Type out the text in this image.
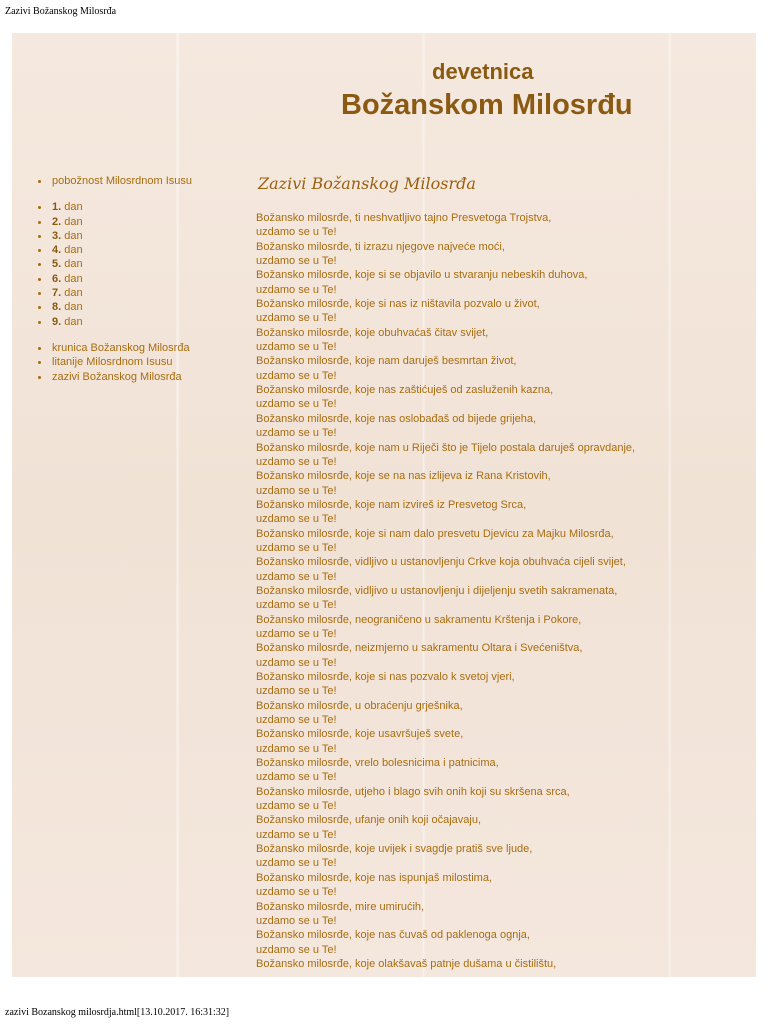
Zazivi Božanskog Milosrđa
devetnica
Božanskom Milosrđu
pobožnost Milosrdnom Isusu
1. dan
2. dan
3. dan
4. dan
5. dan
6. dan
7. dan
8. dan
9. dan
krunica Božanskog Milosrđa
litanije Milosrdnom Isusu
zazivi Božanskog Milosrđa
Zazivi Božanskog Milosrđa
Božansko milosrđe, ti neshvatljivo tajno Presvetoga Trojstva,
uzdamo se u Te!
Božansko milosrđe, ti izrazu njegove najveće moći,
uzdamo se u Te!
Božansko milosrđe, koje si se objavilo u stvaranju nebeskih duhova,
uzdamo se u Te!
Božansko milosrđe, koje si nas iz ništavila pozvalo u život,
uzdamo se u Te!
Božansko milosrđe, koje obuhvaćaš čitav svijet,
uzdamo se u Te!
Božansko milosrđe, koje nam daruješ besmrtan život,
uzdamo se u Te!
Božansko milosrđe, koje nas zaštićuješ od zasluženih kazna,
uzdamo se u Te!
Božansko milosrđe, koje nas oslobađaš od bijede grijeha,
uzdamo se u Te!
Božansko milosrđe, koje nam u Riječi što je Tijelo postala daruješ opravdanje,
uzdamo se u Te!
Božansko milosrđe, koje se na nas izlijeva iz Rana Kristovih,
uzdamo se u Te!
Božansko milosrđe, koje nam izvireš iz Presvetog Srca,
uzdamo se u Te!
Božansko milosrđe, koje si nam dalo presvetu Djevicu za Majku Milosrđa,
uzdamo se u Te!
Božansko milosrđe, vidljivo u ustanovljenju Crkve koja obuhvaća cijeli svijet,
uzdamo se u Te!
Božansko milosrđe, vidljivo u ustanovljenju i dijeljenju svetih sakramenata,
uzdamo se u Te!
Božansko milosrđe, neograničeno u sakramentu Krštenja i Pokore,
uzdamo se u Te!
Božansko milosrđe, neizmjerno u sakramentu Oltara i Svećeništva,
uzdamo se u Te!
Božansko milosrđe, koje si nas pozvalo k svetoj vjeri,
uzdamo se u Te!
Božansko milosrđe, u obraćenju grješnika,
uzdamo se u Te!
Božansko milosrđe, koje usavršuješ svete,
uzdamo se u Te!
Božansko milosrđe, vrelo bolesnicima i patnicima,
uzdamo se u Te!
Božansko milosrđe, utjeho i blago svih onih koji su skršena srca,
uzdamo se u Te!
Božansko milosrđe, ufanje onih koji očajavaju,
uzdamo se u Te!
Božansko milosrđe, koje uvijek i svagdje pratiš sve ljude,
uzdamo se u Te!
Božansko milosrđe, koje nas ispunjaš milostima,
uzdamo se u Te!
Božansko milosrđe, mire umirućih,
uzdamo se u Te!
Božansko milosrđe, koje nas čuvaš od paklenoga ognja,
uzdamo se u Te!
Božansko milosrđe, koje olakšavaš patnje dušama u čistilištu,
zazivi Bozanskog milosrdja.html[13.10.2017. 16:31:32]
